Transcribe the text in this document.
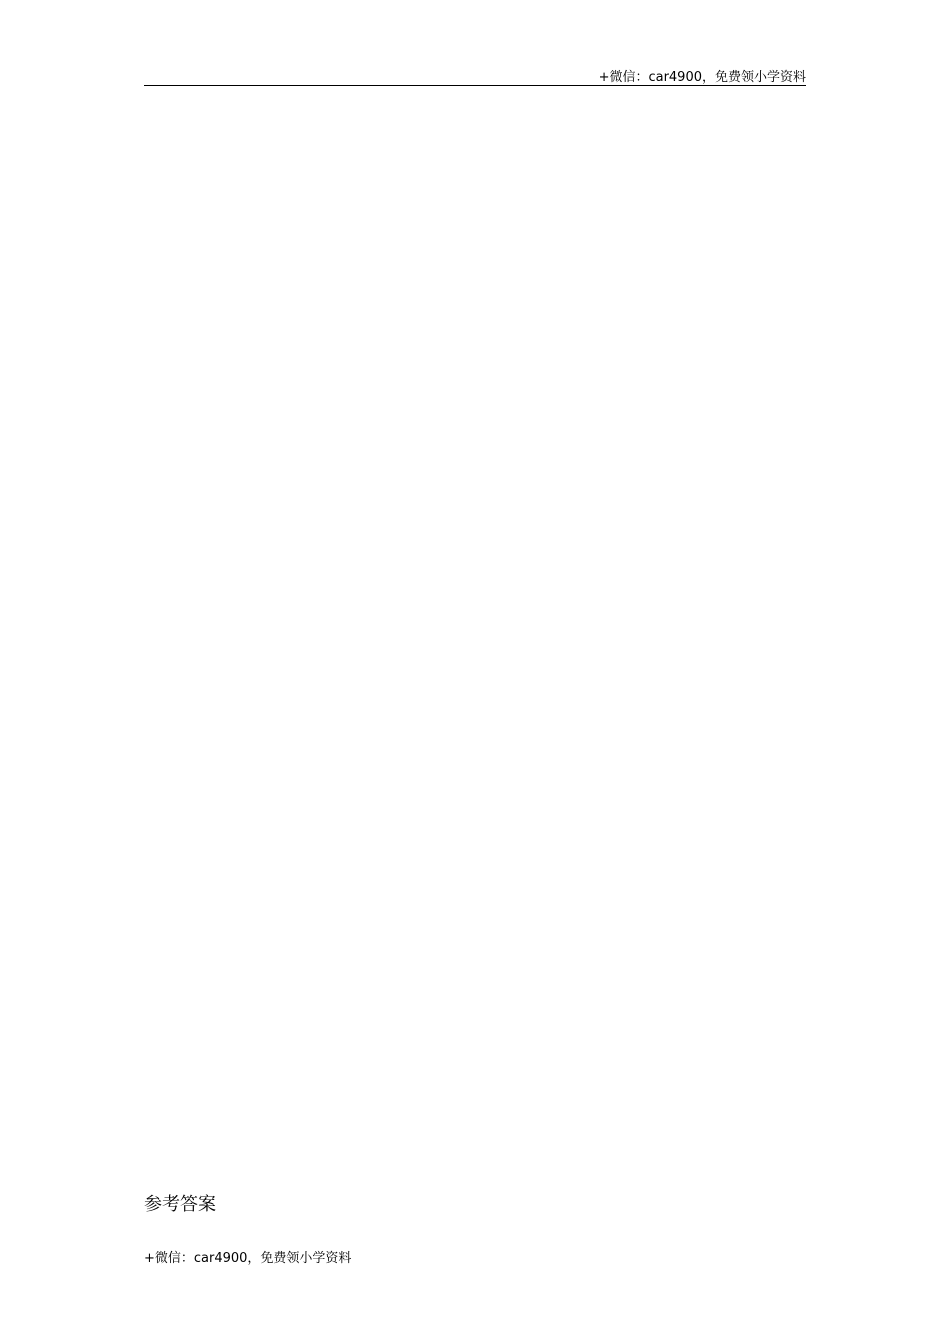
+微信：car4900，免费领小学资料
参考答案
+微信：car4900，免费领小学资料
